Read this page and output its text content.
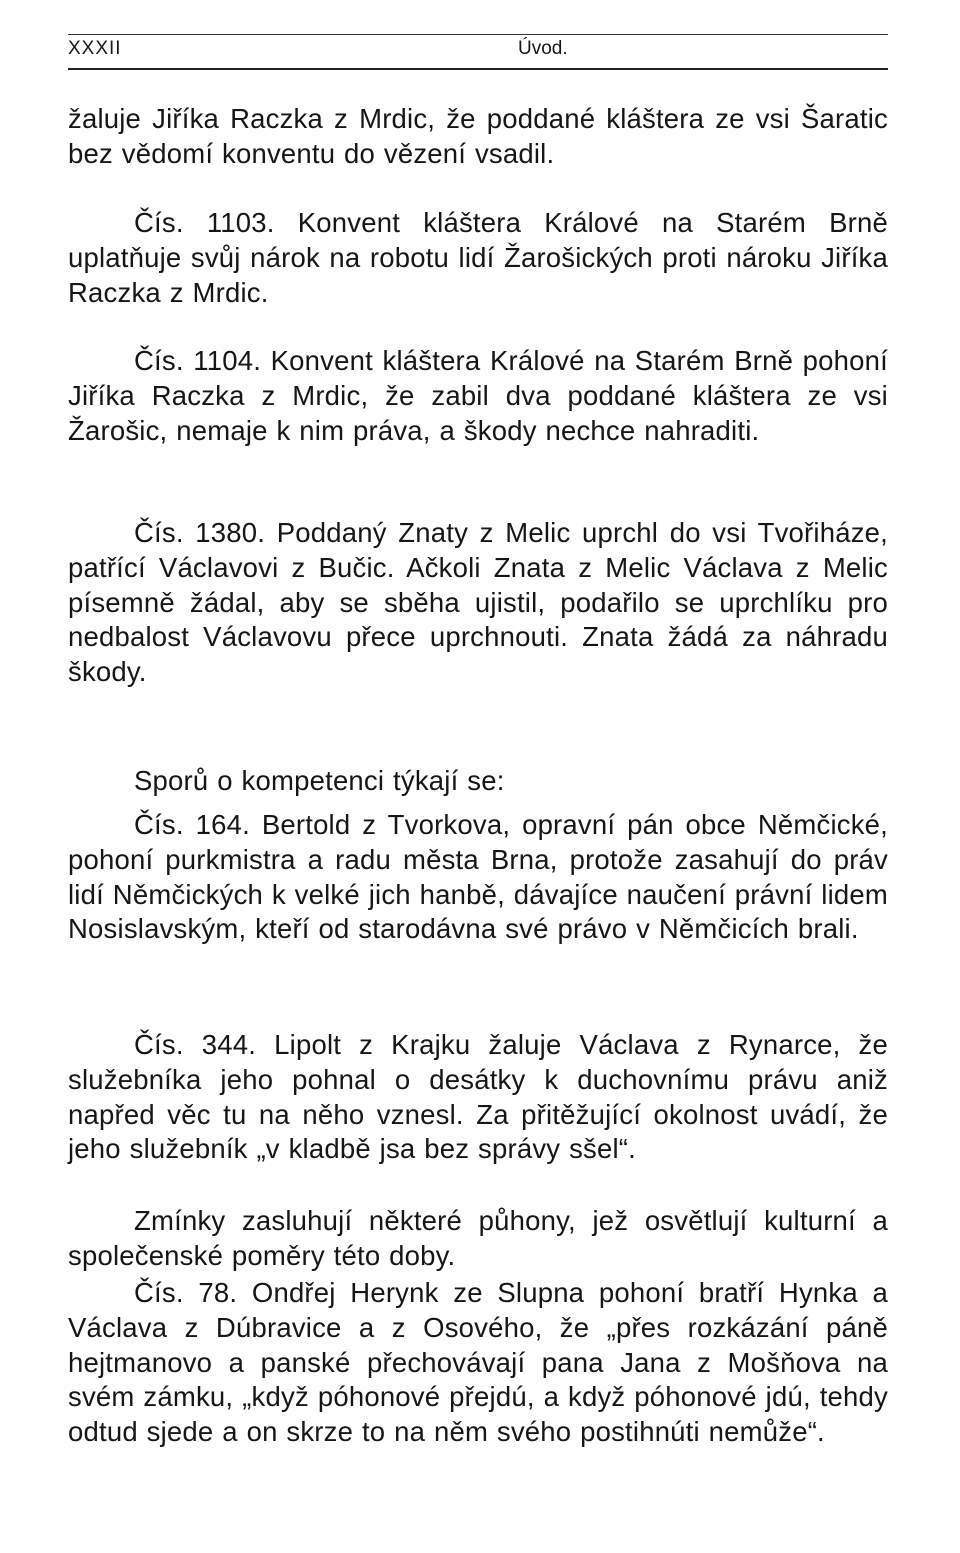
XXXII	Úvod.

žaluje Jiříka Raczka z Mrdic, že poddané kláštera ze vsi Šaratic bez vědomí konventu do vězení vsadil.

Čís. 1103. Konvent kláštera Králové na Starém Brně uplatňuje svůj nárok na robotu lidí Žarošických proti nároku Jiříka Raczka z Mrdic.

Čís. 1104. Konvent kláštera Králové na Starém Brně pohoní Jiříka Raczka z Mrdic, že zabil dva poddané kláštera ze vsi Žarošic, nemaje k nim práva, a škody nechce nahraditi.

Čís. 1380. Poddaný Znaty z Melic uprchl do vsi Tvořiháze, patřící Václavovi z Bučic. Ačkoli Znata z Melic Václava z Melic písemně žádal, aby se sběha ujistil, podařilo se uprchlíku pro nedbalost Václavovu přece uprchnouti. Znata žádá za náhradu škody.

Sporů o kompetenci týkají se:

Čís. 164. Bertold z Tvorkova, opravní pán obce Němčické, pohoní purkmistra a radu města Brna, protože zasahují do práv lidí Němčických k velké jich hanbě, dávajíce naučení právní lidem Nosislavským, kteří od starodávna své právo v Němčicích brali.

Čís. 344. Lipolt z Krajku žaluje Václava z Rynarce, že služebníka jeho pohnal o desátky k duchovnímu právu aniž napřed věc tu na něho vznesl. Za přitěžující okolnost uvádí, že jeho služebník „v kladbě jsa bez správy sšel“.

Zmínky zasluhují některé půhony, jež osvětlují kulturní a společenské poměry této doby.

Čís. 78. Ondřej Herynk ze Slupna pohoní bratří Hynka a Václava z Dúbravice a z Osového, že „přes rozkázání páně hejtmanovo a panské přechovávají pana Jana z Mošňova na svém zámku, „když póhonové přejdú, a když póhonové jdú, tehdy odtud sjede a on skrze to na něm svého postihnúti nemůže“.
